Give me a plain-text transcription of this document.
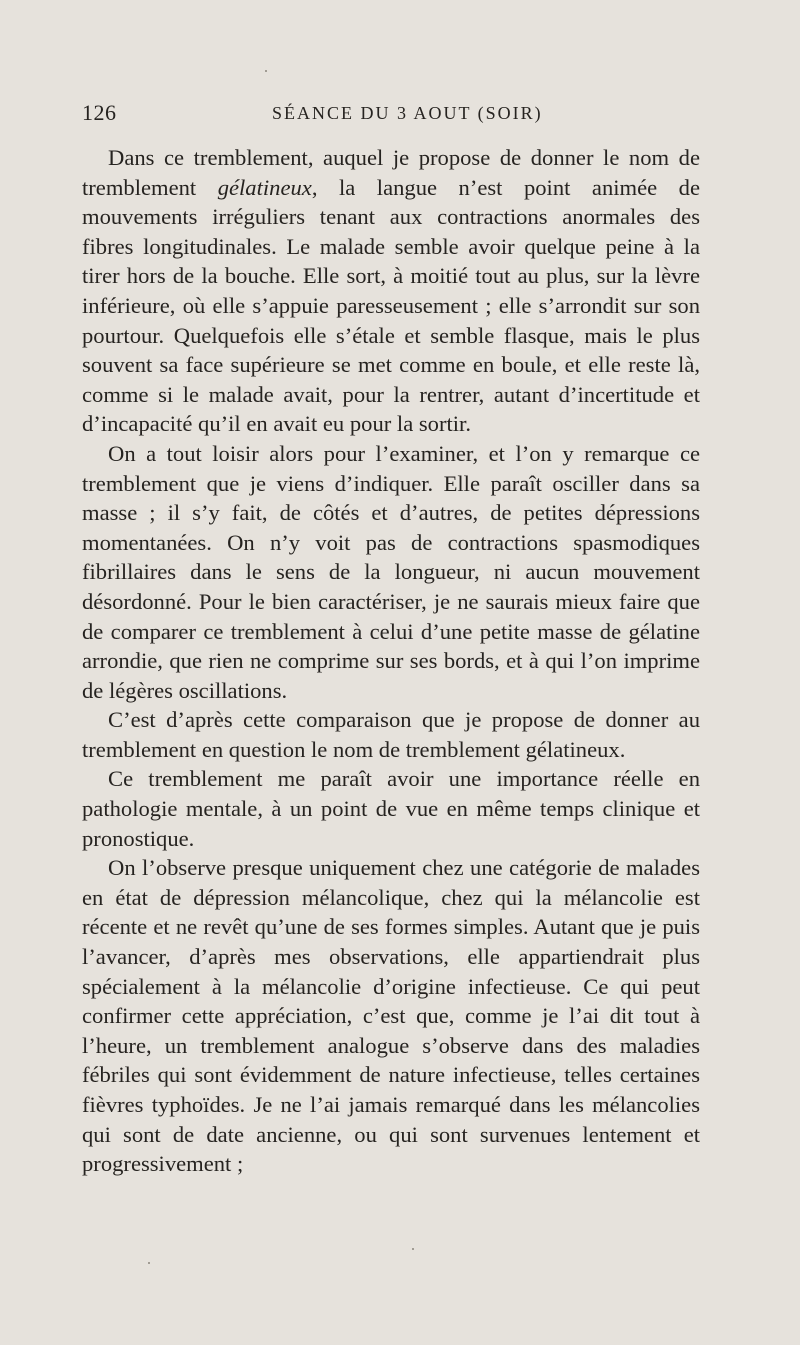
126	SÉANCE DU 3 AOUT (SOIR)

Dans ce tremblement, auquel je propose de donner le nom de tremblement gélatineux, la langue n’est point animée de mouvements irréguliers tenant aux contractions anormales des fibres longitudinales. Le malade semble avoir quelque peine à la tirer hors de la bouche. Elle sort, à moitié tout au plus, sur la lèvre inférieure, où elle s’appuie paresseusement ; elle s’arrondit sur son pourtour. Quelquefois elle s’étale et semble flasque, mais le plus souvent sa face supérieure se met comme en boule, et elle reste là, comme si le malade avait, pour la rentrer, autant d’incertitude et d’incapacité qu’il en avait eu pour la sortir.

On a tout loisir alors pour l’examiner, et l’on y remarque ce tremblement que je viens d’indiquer. Elle paraît osciller dans sa masse ; il s’y fait, de côtés et d’autres, de petites dépressions momentanées. On n’y voit pas de contractions spasmodiques fibrillaires dans le sens de la longueur, ni aucun mouvement désordonné. Pour le bien caractériser, je ne saurais mieux faire que de comparer ce tremblement à celui d’une petite masse de gélatine arrondie, que rien ne comprime sur ses bords, et à qui l’on imprime de légères oscillations.

C’est d’après cette comparaison que je propose de donner au tremblement en question le nom de tremblement gélatineux.

Ce tremblement me paraît avoir une importance réelle en pathologie mentale, à un point de vue en même temps clinique et pronostique.

On l’observe presque uniquement chez une catégorie de malades en état de dépression mélancolique, chez qui la mélancolie est récente et ne revêt qu’une de ses formes simples. Autant que je puis l’avancer, d’après mes observations, elle appartiendrait plus spécialement à la mélancolie d’origine infectieuse. Ce qui peut confirmer cette appréciation, c’est que, comme je l’ai dit tout à l’heure, un tremblement analogue s’observe dans des maladies fébriles qui sont évidemment de nature infectieuse, telles certaines fièvres typhoïdes. Je ne l’ai jamais remarqué dans les mélancolies qui sont de date ancienne, ou qui sont survenues lentement et progressivement ;
